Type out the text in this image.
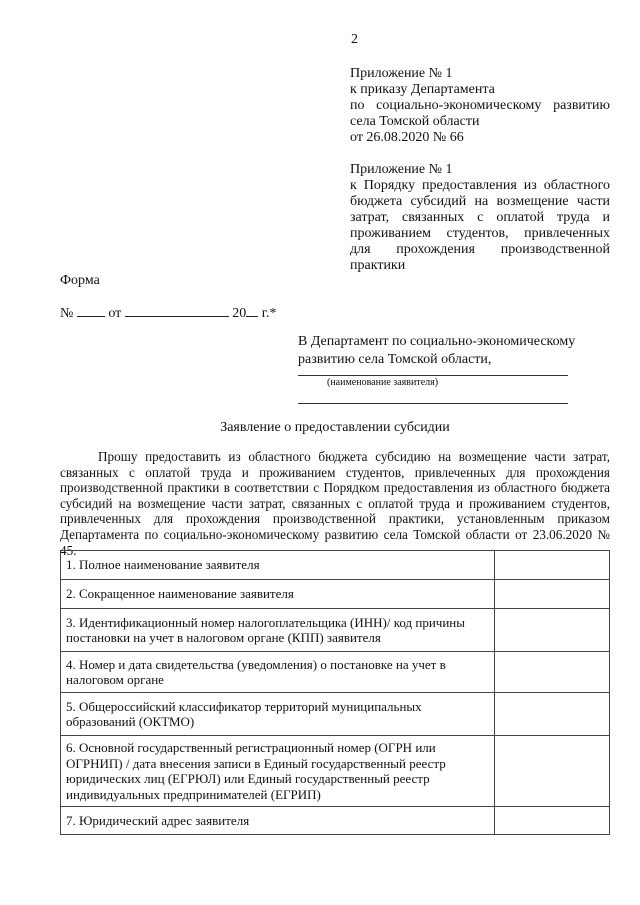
2
Приложение № 1
к приказу Департамента
по социально-экономическому развитию
села Томской области
от 26.08.2020 № 66
Приложение № 1
к Порядку предоставления из областного
бюджета субсидий на возмещение части
затрат, связанных с оплатой труда и
проживанием студентов, привлеченных
для прохождения производственной
практики
Форма
№	от	20 г.*
В Департамент по социально-экономическому
развитию села Томской области,
(наименование заявителя)
Заявление о предоставлении субсидии
Прошу предоставить из областного бюджета субсидию на возмещение части затрат, связанных с оплатой труда и проживанием студентов, привлеченных для прохождения производственной практики в соответствии с Порядком предоставления из областного бюджета субсидий на возмещение части затрат, связанных с оплатой труда и проживанием студентов, привлеченных для прохождения производственной практики, установленным приказом Департамента по социально-экономическому развитию села Томской области от 23.06.2020 № 45.
1. Полное наименование заявителя	
2. Сокращенное наименование заявителя	
3. Идентификационный номер налогоплательщика (ИНН)/ код причины постановки на учет в налоговом органе (КПП) заявителя	
4. Номер и дата свидетельства (уведомления) о постановке на учет в налоговом органе	
5. Общероссийский классификатор территорий муниципальных образований (ОКТМО)	
6. Основной государственный регистрационный номер (ОГРН или ОГРНИП) / дата внесения записи в Единый государственный реестр юридических лиц (ЕГРЮЛ) или Единый государственный реестр индивидуальных предпринимателей (ЕГРИП)	
7. Юридический адрес заявителя	
